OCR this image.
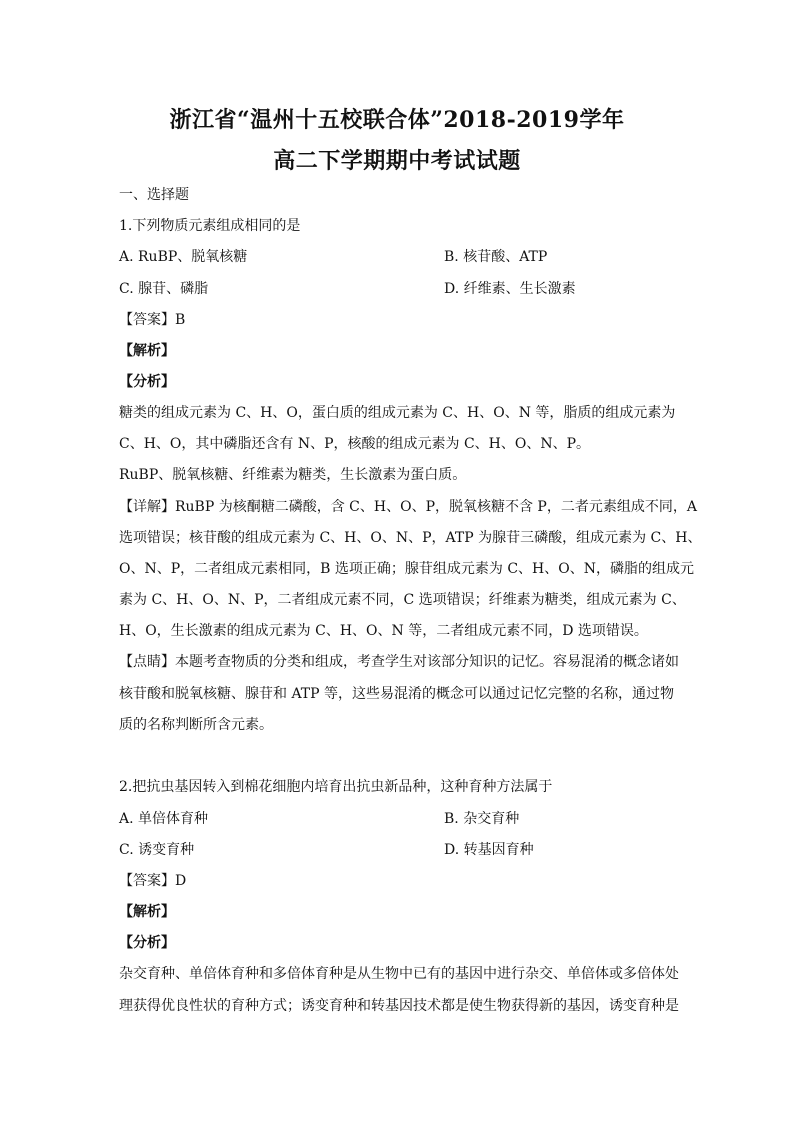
浙江省“温州十五校联合体”2018-2019学年
高二下学期期中考试试题
一、选择题
1.下列物质元素组成相同的是
A. RuBP、脱氧核糖	B. 核苷酸、ATP
C. 腺苷、磷脂	D. 纤维素、生长激素
【答案】B
【解析】
【分析】
糖类的组成元素为 C、H、O，蛋白质的组成元素为 C、H、O、N 等，脂质的组成元素为
C、H、O，其中磷脂还含有 N、P，核酸的组成元素为 C、H、O、N、P。
RuBP、脱氧核糖、纤维素为糖类，生长激素为蛋白质。
【详解】RuBP 为核酮糖二磷酸，含 C、H、O、P，脱氧核糖不含 P，二者元素组成不同，A
选项错误；核苷酸的组成元素为 C、H、O、N、P，ATP 为腺苷三磷酸，组成元素为 C、H、
O、N、P，二者组成元素相同，B 选项正确；腺苷组成元素为 C、H、O、N，磷脂的组成元
素为 C、H、O、N、P，二者组成元素不同，C 选项错误；纤维素为糖类，组成元素为 C、
H、O，生长激素的组成元素为 C、H、O、N 等，二者组成元素不同，D 选项错误。
【点睛】本题考查物质的分类和组成，考查学生对该部分知识的记忆。容易混淆的概念诸如
核苷酸和脱氧核糖、腺苷和 ATP 等，这些易混淆的概念可以通过记忆完整的名称，通过物
质的名称判断所含元素。
2.把抗虫基因转入到棉花细胞内培育出抗虫新品种，这种育种方法属于
A. 单倍体育种	B. 杂交育种
C. 诱变育种	D. 转基因育种
【答案】D
【解析】
【分析】
杂交育种、单倍体育种和多倍体育种是从生物中已有的基因中进行杂交、单倍体或多倍体处
理获得优良性状的育种方式；诱变育种和转基因技术都是使生物获得新的基因，诱变育种是
